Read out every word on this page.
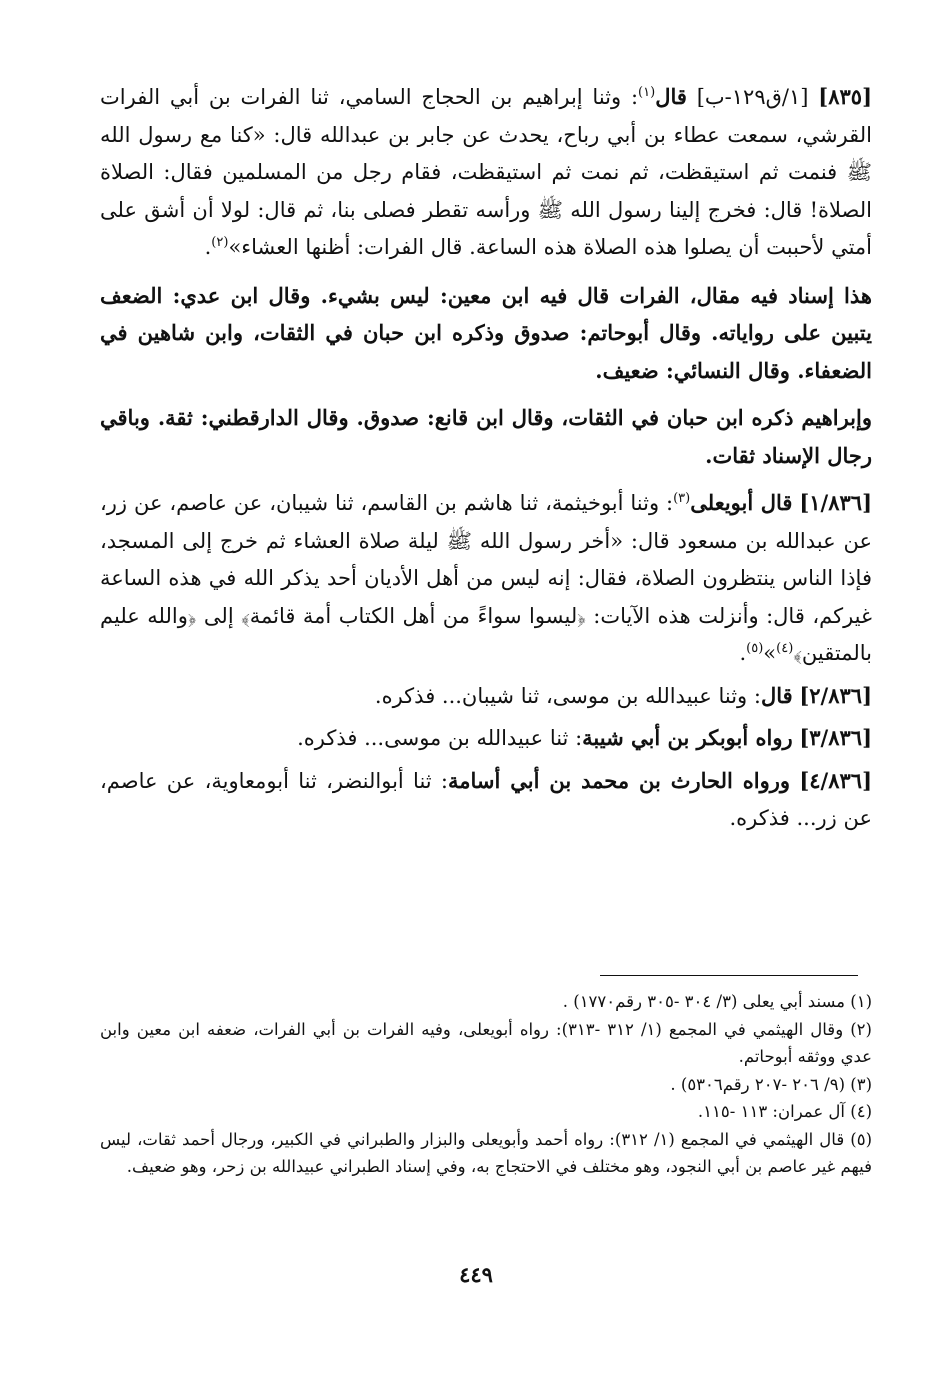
[٨٣٥] [١/ق١٢٩-ب] قال$^{(١)}$: وثنا إبراهيم بن الحجاج السامي، ثنا الفرات بن أبي الفرات القرشي، سمعت عطاء بن أبي رباح، يحدث عن جابر بن عبدالله قال: «كنا مع رسول الله ﷺ فنمت ثم استيقظت، ثم نمت ثم استيقظت، فقام رجل من المسلمين فقال: الصلاة الصلاة! قال: فخرج إلينا رسول الله ﷺ ورأسه تقطر فصلى بنا، ثم قال: لولا أن أشق على أمتي لأحببت أن يصلوا هذه الصلاة هذه الساعة. قال الفرات: أظنها العشاء»$^{(٢)}$.

هذا إسناد فيه مقال، الفرات قال فيه ابن معين: ليس بشيء. وقال ابن عدي: الضعف يتبين على رواياته. وقال أبوحاتم: صدوق وذكره ابن حبان في الثقات، وابن شاهين في الضعفاء. وقال النسائي: ضعيف.

وإبراهيم ذكره ابن حبان في الثقات، وقال ابن قانع: صدوق. وقال الدارقطني: ثقة. وباقي رجال الإسناد ثقات.

[١/٨٣٦] قال أبويعلى$^{(٣)}$: وثنا أبوخيثمة، ثنا هاشم بن القاسم، ثنا شيبان، عن عاصم، عن زر، عن عبدالله بن مسعود قال: «أخر رسول الله ﷺ ليلة صلاة العشاء ثم خرج إلى المسجد، فإذا الناس ينتظرون الصلاة، فقال: إنه ليس من أهل الأديان أحد يذكر الله في هذه الساعة غيركم، قال: وأنزلت هذه الآيات: ﴿ليسوا سواءً من أهل الكتاب أمة قائمة﴾ إلى ﴿والله عليم بالمتقين﴾$^{(٤)}$»$^{(٥)}$.

[٢/٨٣٦] قال: وثنا عبيدالله بن موسى، ثنا شيبان... فذكره.

[٣/٨٣٦] رواه أبوبكر بن أبي شيبة: ثنا عبيدالله بن موسى... فذكره.

[٤/٨٣٦] ورواه الحارث بن محمد بن أبي أسامة: ثنا أبوالنضر، ثنا أبومعاوية، عن عاصم، عن زر... فذكره.

(١) مسند أبي يعلى (٣/ ٣٠٤ -٣٠٥ رقم١٧٧٠) .

(٢) وقال الهيثمي في المجمع (١/ ٣١٢ -٣١٣): رواه أبويعلى، وفيه الفرات بن أبي الفرات، ضعفه ابن معين وابن عدي ووثقه أبوحاتم.

(٣) (٩/ ٢٠٦ -٢٠٧ رقم٥٣٠٦) .

(٤) آل عمران: ١١٣ -١١٥.

(٥) قال الهيثمي في المجمع (١/ ٣١٢): رواه أحمد وأبويعلى والبزار والطبراني في الكبير، ورجال أحمد ثقات، ليس فيهم غير عاصم بن أبي النجود، وهو مختلف في الاحتجاج به، وفي إسناد الطبراني عبيدالله بن زحر، وهو ضعيف.

٤٤٩
